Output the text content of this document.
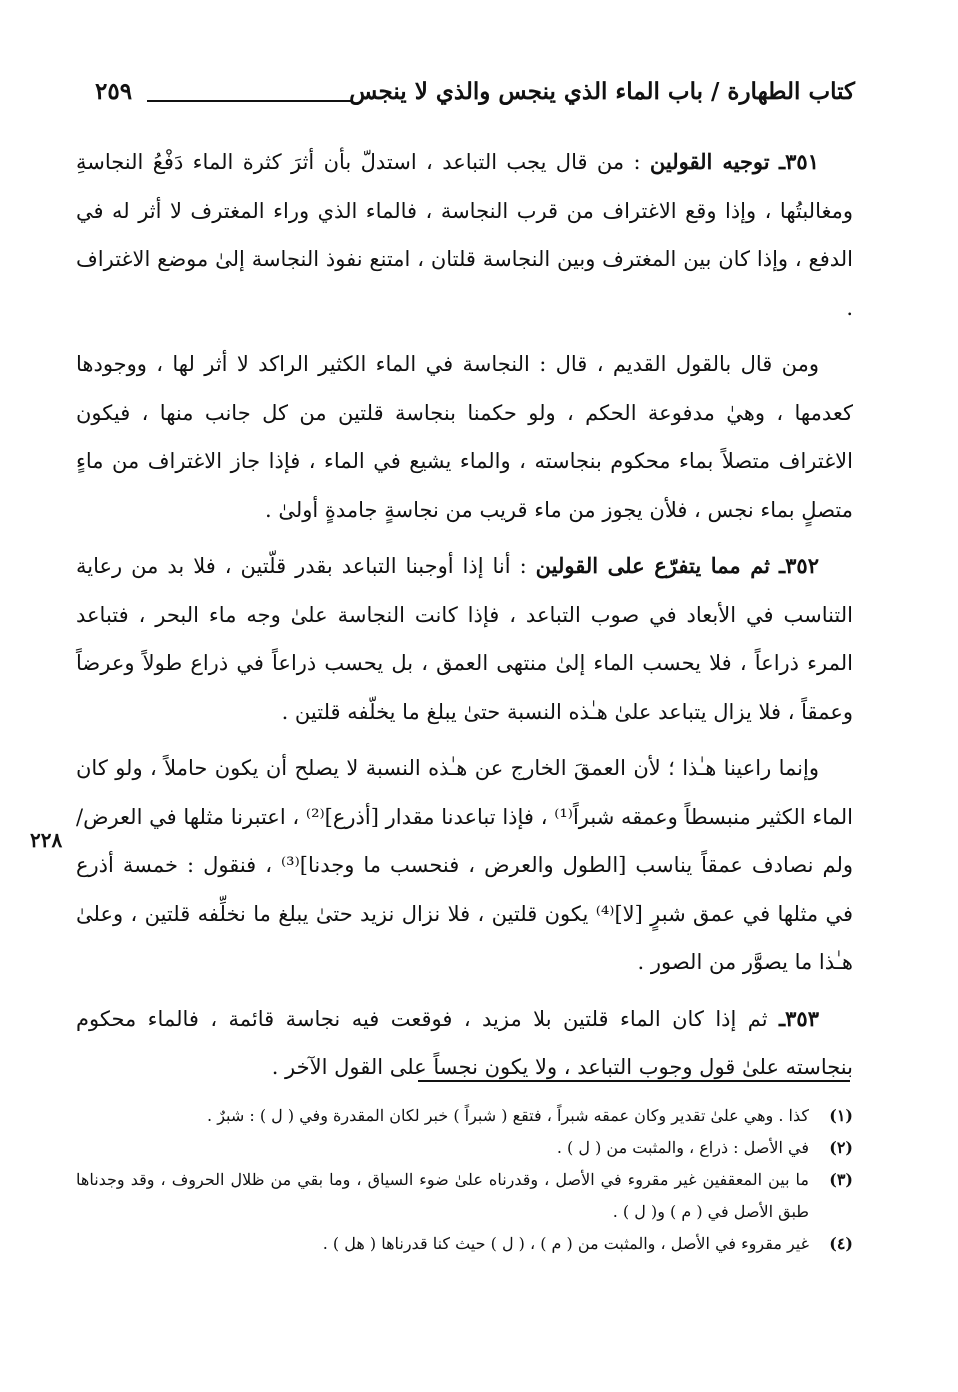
كتاب الطهارة / باب الماء الذي ينجس والذي لا ينجس
٢٥٩
٢٢٨

٣٥١ـ توجيه القولين : من قال يجب التباعد ، استدلّ بأن أثرَ كثرة الماء دَفْعُ النجاسةِ ومغالبتُها ، وإذا وقع الاغتراف من قرب النجاسة ، فالماء الذي وراء المغترف لا أثر له في الدفع ، وإذا كان بين المغترف وبين النجاسة قلتان ، امتنع نفوذ النجاسة إلىٰ موضع الاغتراف .

ومن قال بالقول القديم ، قال : النجاسة في الماء الكثير الراكد لا أثر لها ، ووجودها كعدمها ، وهيٰ مدفوعة الحكم ، ولو حكمنا بنجاسة قلتين من كل جانب منها ، فيكون الاغتراف متصلاً بماء محكوم بنجاسته ، والماء يشيع في الماء ، فإذا جاز الاغتراف من ماءٍ متصلٍ بماء نجس ، فلأن يجوز من ماء قريب من نجاسةٍ جامدةٍ أولىٰ .

٣٥٢ـ ثم مما يتفرّع على القولين : أنا إذا أوجبنا التباعد بقدر قلّتين ، فلا بد من رعاية التناسب في الأبعاد في صوب التباعد ، فإذا كانت النجاسة علىٰ وجه ماء البحر ، فتباعد المرء ذراعاً ، فلا يحسب الماء إلىٰ منتهى العمق ، بل يحسب ذراعاً في ذراع طولاً وعرضاً وعمقاً ، فلا يزال يتباعد علىٰ هـٰذه النسبة حتىٰ يبلغ ما يخلّفه قلتين .

وإنما راعينا هـٰذا ؛ لأن العمقَ الخارج عن هـٰذه النسبة لا يصلح أن يكون حاملاً ، ولو كان الماء الكثير منبسطاً وعمقه شبراً⁽¹⁾ ، فإذا تباعدنا مقدار [أذرع]⁽²⁾ ، اعتبرنا مثلها في العرض/ ولم نصادف عمقاً يناسب [الطول والعرض ، فنحسب ما وجدنا]⁽³⁾ ، فنقول : خمسة أذرع في مثلها في عمق شبرٍ [لا]⁽⁴⁾ يكون قلتين ، فلا نزال نزيد حتىٰ يبلغ ما نخلِّفه قلتين ، وعلىٰ هـٰذا ما يصوَّر من الصور .

٣٥٣ـ ثم إذا كان الماء قلتين بلا مزيد ، فوقعت فيه نجاسة قائمة ، فالماء محكوم بنجاسته علىٰ قول وجوب التباعد ، ولا يكون نجساً على القول الآخر .

(١)
كذا . وهي علىٰ تقدير وكان عمقه شبراً ، فتقع ( شبراً ) خبر لكان المقدرة وفي ( ل ) : شبرٌ .
(٢)
في الأصل : ذراع ، والمثبت من ( ل ) .
(٣)
ما بين المعقفين غير مقروء في الأصل ، وقدرناه علىٰ ضوء السياق ، وما بقي من ظلال الحروف ، وقد وجدناها طبق الأصل في ( م ) و( ل ) .
(٤)
غير مقروء في الأصل ، والمثبت من ( م ) ، ( ل ) حيث كنا قدرناها ( هل ) .
